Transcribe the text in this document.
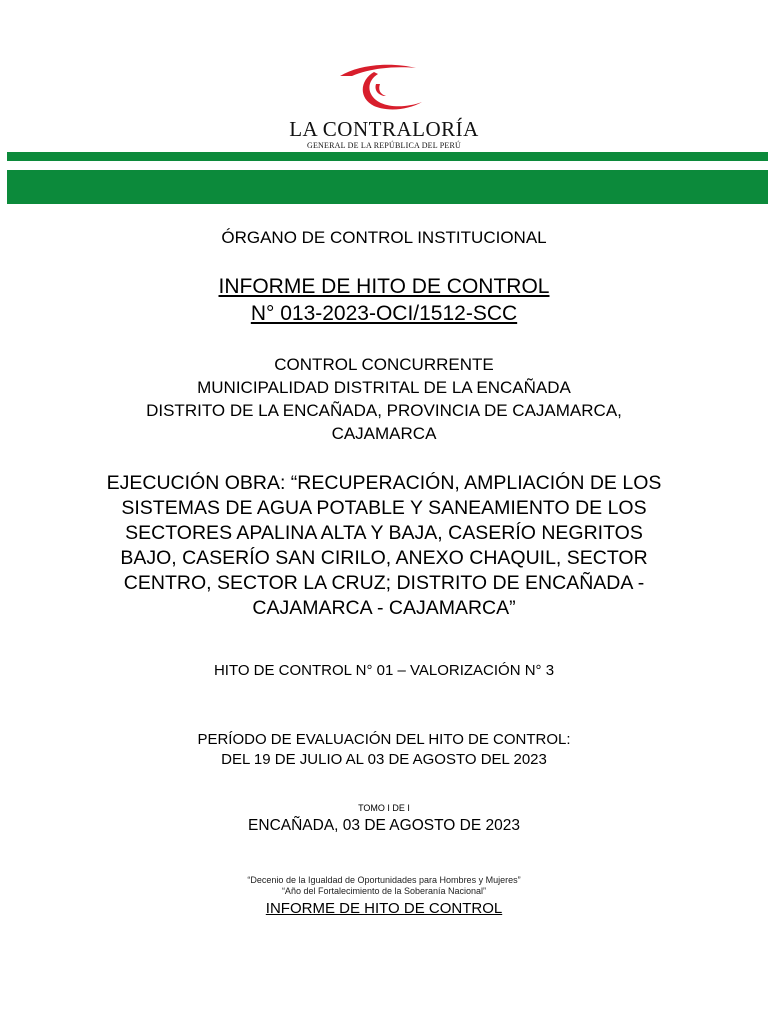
LA CONTRALORÍA
GENERAL DE LA REPÚBLICA DEL PERÚ
ÓRGANO DE CONTROL INSTITUCIONAL
INFORME DE HITO DE CONTROL
N° 013-2023-OCI/1512-SCC
CONTROL CONCURRENTE
MUNICIPALIDAD DISTRITAL DE LA ENCAÑADA
DISTRITO DE LA ENCAÑADA, PROVINCIA DE CAJAMARCA,
CAJAMARCA
EJECUCIÓN OBRA: “RECUPERACIÓN, AMPLIACIÓN DE LOS
SISTEMAS DE AGUA POTABLE Y SANEAMIENTO DE LOS
SECTORES APALINA ALTA Y BAJA, CASERÍO NEGRITOS
BAJO, CASERÍO SAN CIRILO, ANEXO CHAQUIL, SECTOR
CENTRO, SECTOR LA CRUZ; DISTRITO DE ENCAÑADA -
CAJAMARCA - CAJAMARCA”
HITO DE CONTROL N° 01 – VALORIZACIÓN N° 3
PERÍODO DE EVALUACIÓN DEL HITO DE CONTROL:
DEL 19 DE JULIO AL 03 DE AGOSTO DEL 2023
TOMO I DE I
ENCAÑADA, 03 DE AGOSTO DE 2023
“Decenio de la Igualdad de Oportunidades para Hombres y Mujeres”
“Año del Fortalecimiento de la Soberanía Nacional”
INFORME DE HITO DE CONTROL
